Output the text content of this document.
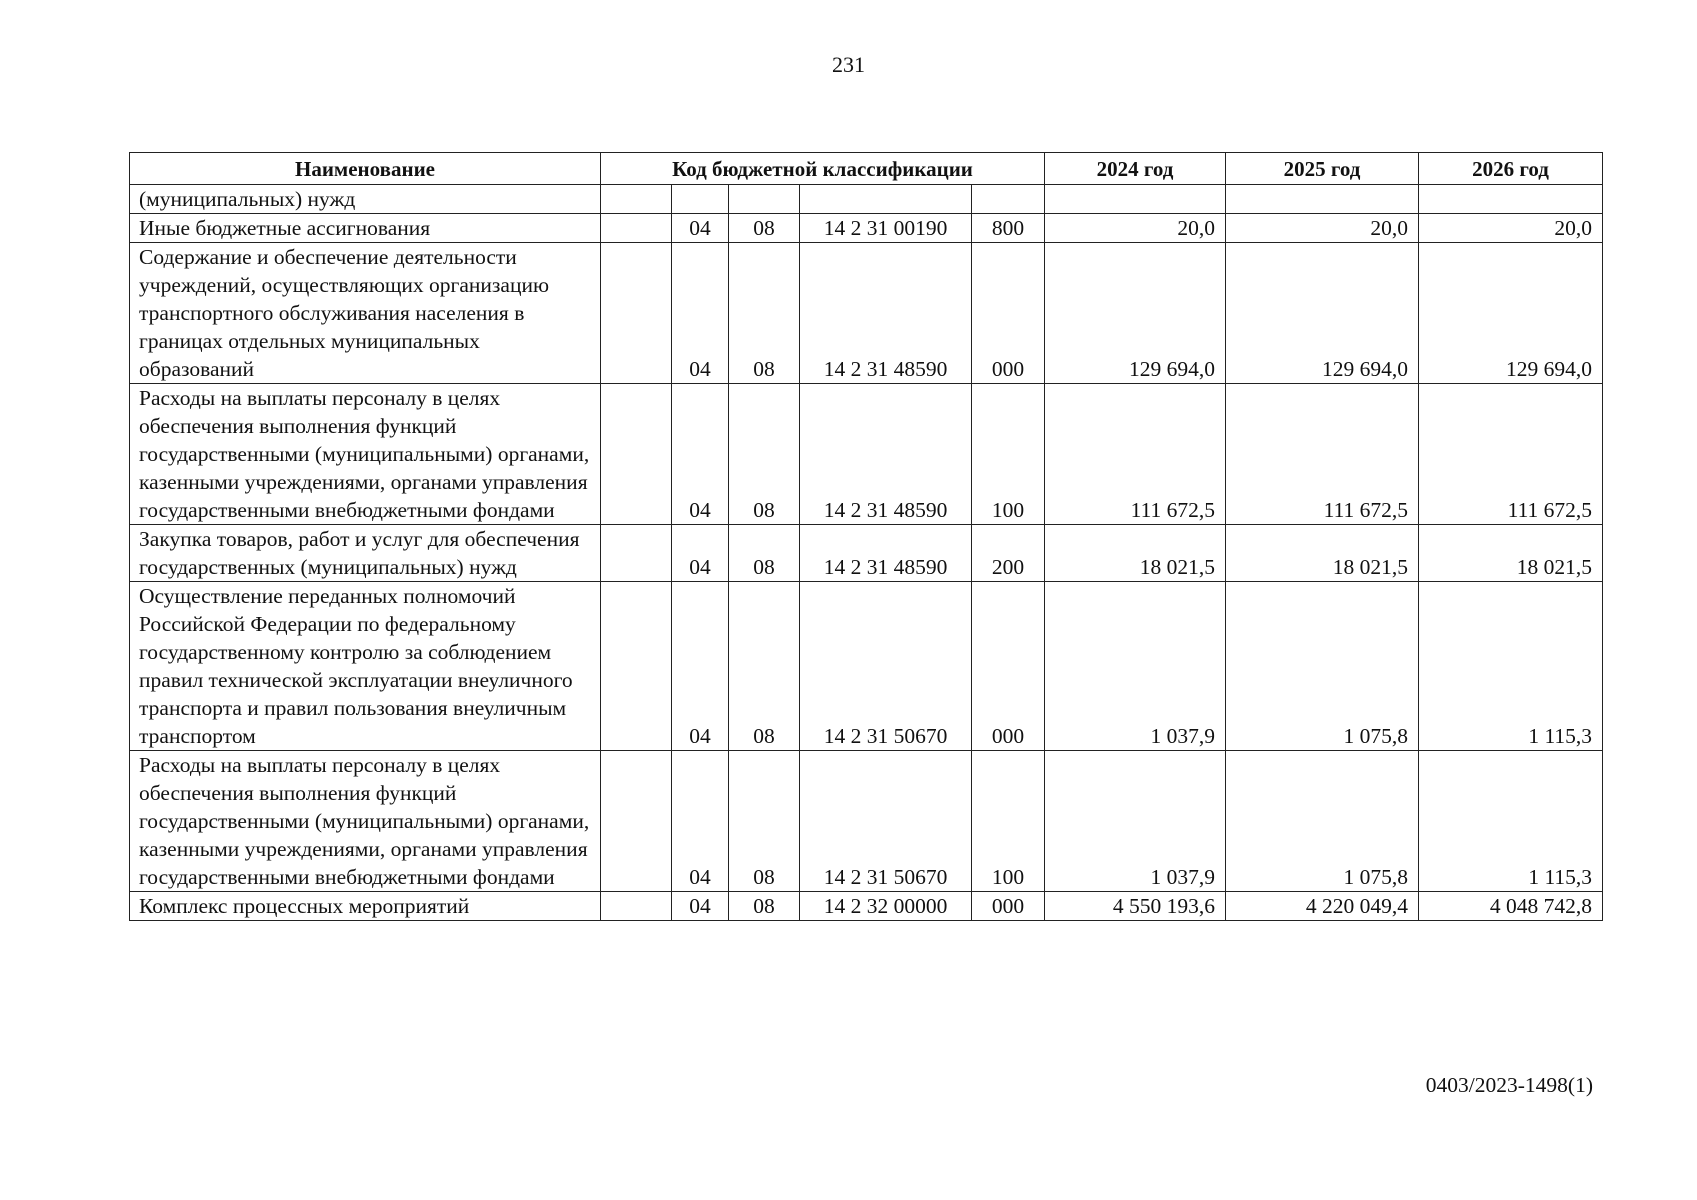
231
Наименование	Код бюджетной классификации					2024 год	2025 год	2026 год
(муниципальных) нужд								
Иные бюджетные ассигнования		04	08	14 2 31 00190	800	20,0	20,0	20,0
Содержание и обеспечение деятельности учреждений, осуществляющих организацию транспортного обслуживания населения в границах отдельных муниципальных образований		04	08	14 2 31 48590	000	129 694,0	129 694,0	129 694,0
Расходы на выплаты персоналу в целях обеспечения выполнения функций государственными (муниципальными) органами, казенными учреждениями, органами управления государственными внебюджетными фондами		04	08	14 2 31 48590	100	111 672,5	111 672,5	111 672,5
Закупка товаров, работ и услуг для обеспечения государственных (муниципальных) нужд		04	08	14 2 31 48590	200	18 021,5	18 021,5	18 021,5
Осуществление переданных полномочий Российской Федерации по федеральному государственному контролю за соблюдением правил технической эксплуатации внеуличного транспорта и правил пользования внеуличным транспортом		04	08	14 2 31 50670	000	1 037,9	1 075,8	1 115,3
Расходы на выплаты персоналу в целях обеспечения выполнения функций государственными (муниципальными) органами, казенными учреждениями, органами управления государственными внебюджетными фондами		04	08	14 2 31 50670	100	1 037,9	1 075,8	1 115,3
Комплекс процессных мероприятий		04	08	14 2 32 00000	000	4 550 193,6	4 220 049,4	4 048 742,8
0403/2023-1498(1)
